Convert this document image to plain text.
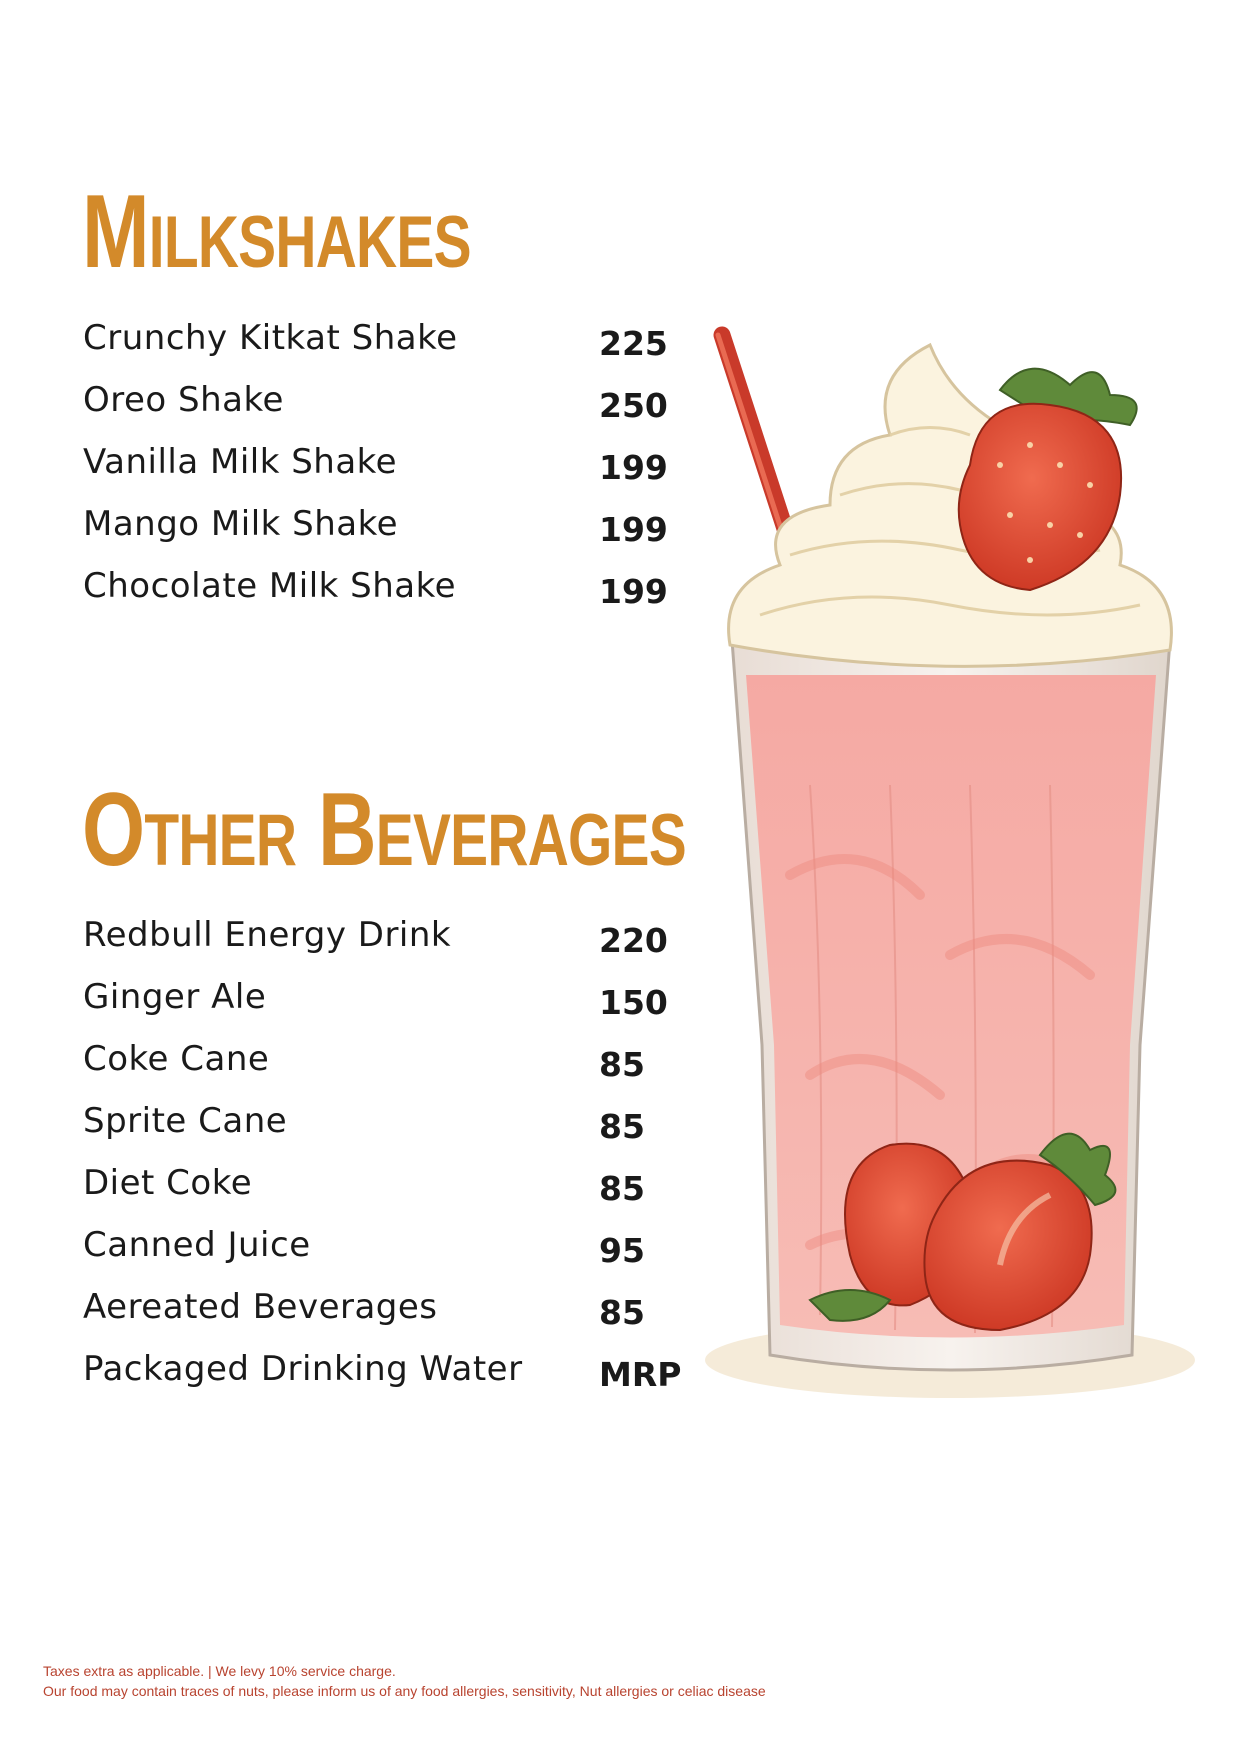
Milkshakes
Crunchy Kitkat Shake	225
Oreo Shake	250
Vanilla Milk Shake	199
Mango Milk Shake	199
Chocolate Milk Shake	199
Other Beverages
Redbull Energy Drink	220
Ginger Ale	150
Coke Cane	85
Sprite Cane	85
Diet Coke	85
Canned Juice	95
Aereated Beverages	85
Packaged Drinking Water MRP
Taxes extra as applicable. | We levy 10% service charge.
Our food may contain traces of nuts, please inform us of any food allergies, sensitivity, Nut allergies or celiac disease
